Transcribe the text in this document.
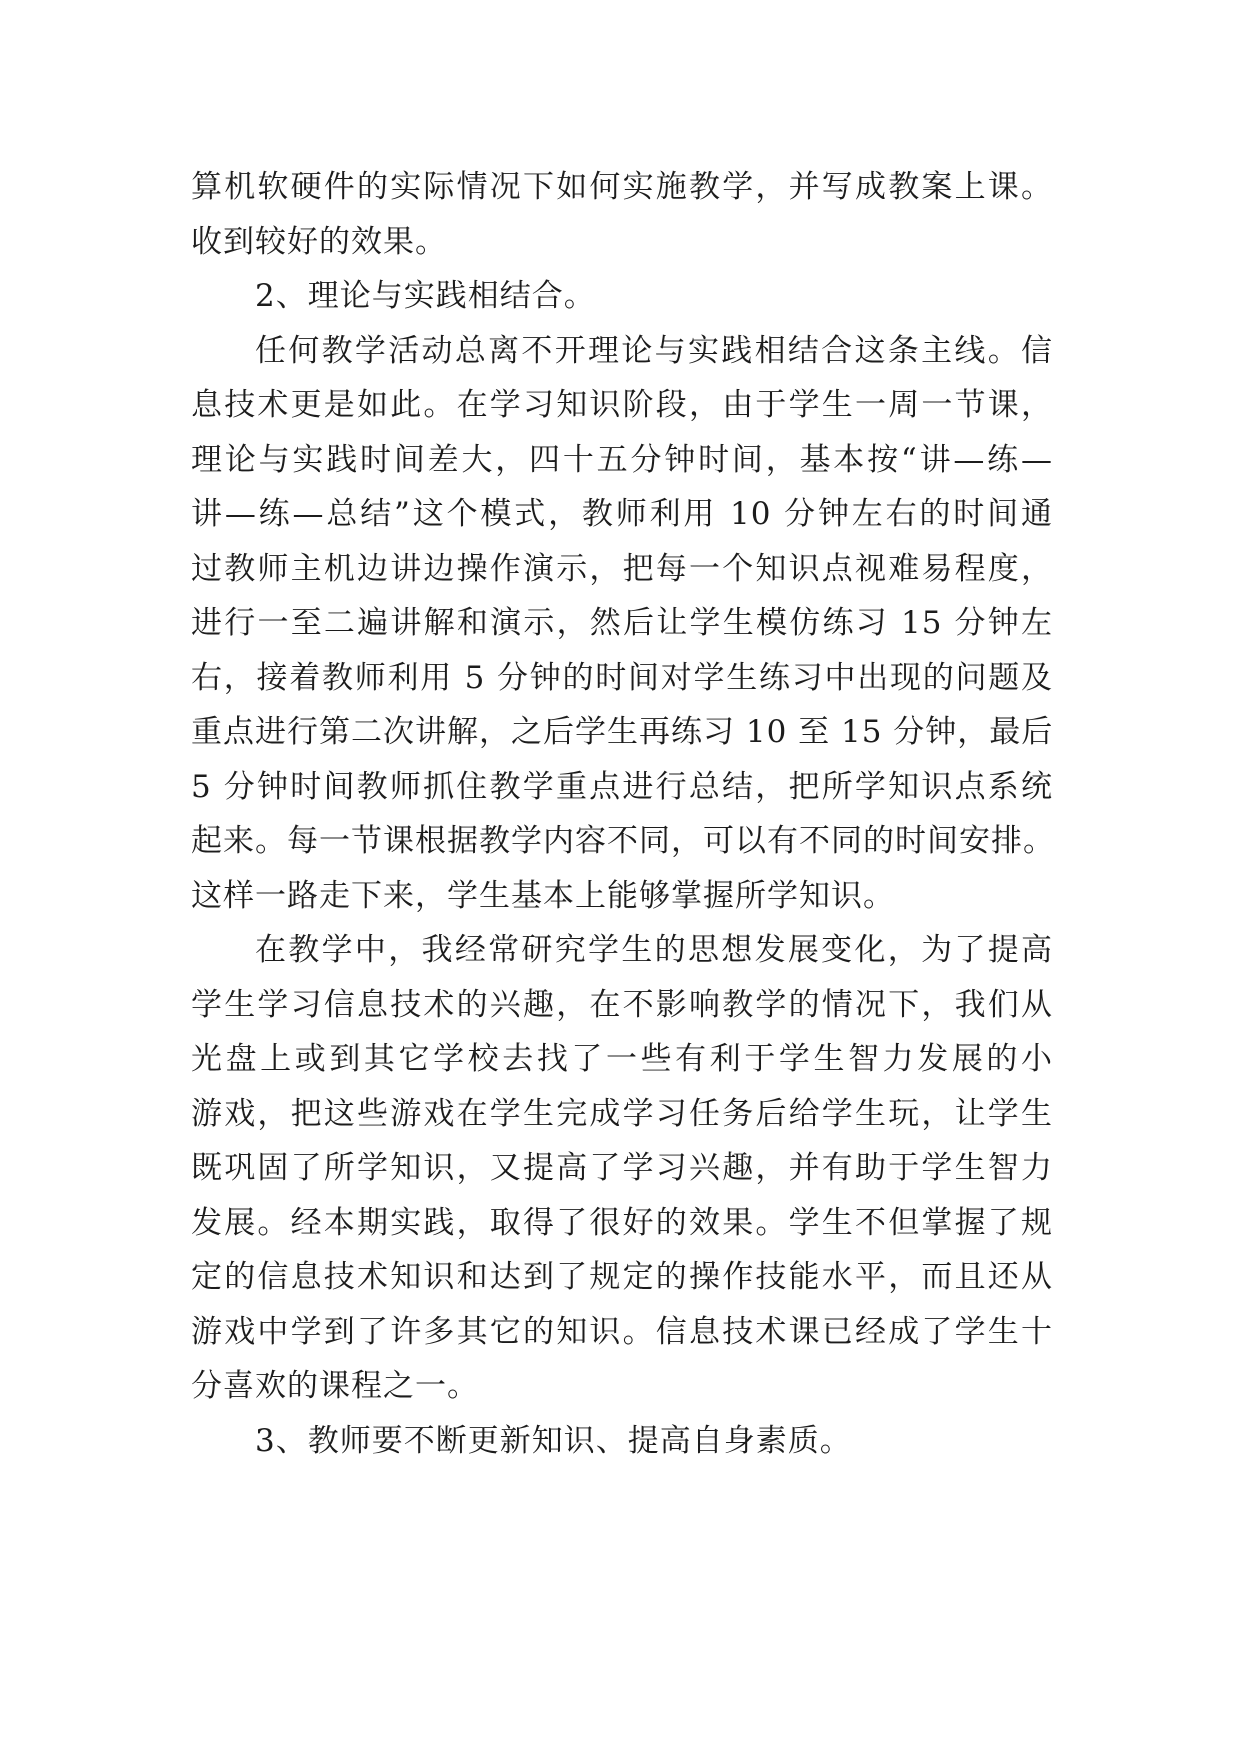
算机软硬件的实际情况下如何实施教学，并写成教案上课。
收到较好的效果。
2、理论与实践相结合。
任何教学活动总离不开理论与实践相结合这条主线。信
息技术更是如此。在学习知识阶段，由于学生一周一节课，
理论与实践时间差大，四十五分钟时间，基本按“讲—练—
讲—练—总结”这个模式，教师利用 10 分钟左右的时间通
过教师主机边讲边操作演示，把每一个知识点视难易程度，
进行一至二遍讲解和演示，然后让学生模仿练习 15 分钟左
右，接着教师利用 5 分钟的时间对学生练习中出现的问题及
重点进行第二次讲解，之后学生再练习 10 至 15 分钟，最后
5 分钟时间教师抓住教学重点进行总结，把所学知识点系统
起来。每一节课根据教学内容不同，可以有不同的时间安排。
这样一路走下来，学生基本上能够掌握所学知识。
在教学中，我经常研究学生的思想发展变化，为了提高
学生学习信息技术的兴趣，在不影响教学的情况下，我们从
光盘上或到其它学校去找了一些有利于学生智力发展的小
游戏，把这些游戏在学生完成学习任务后给学生玩，让学生
既巩固了所学知识，又提高了学习兴趣，并有助于学生智力
发展。经本期实践，取得了很好的效果。学生不但掌握了规
定的信息技术知识和达到了规定的操作技能水平，而且还从
游戏中学到了许多其它的知识。信息技术课已经成了学生十
分喜欢的课程之一。
3、教师要不断更新知识、提高自身素质。
